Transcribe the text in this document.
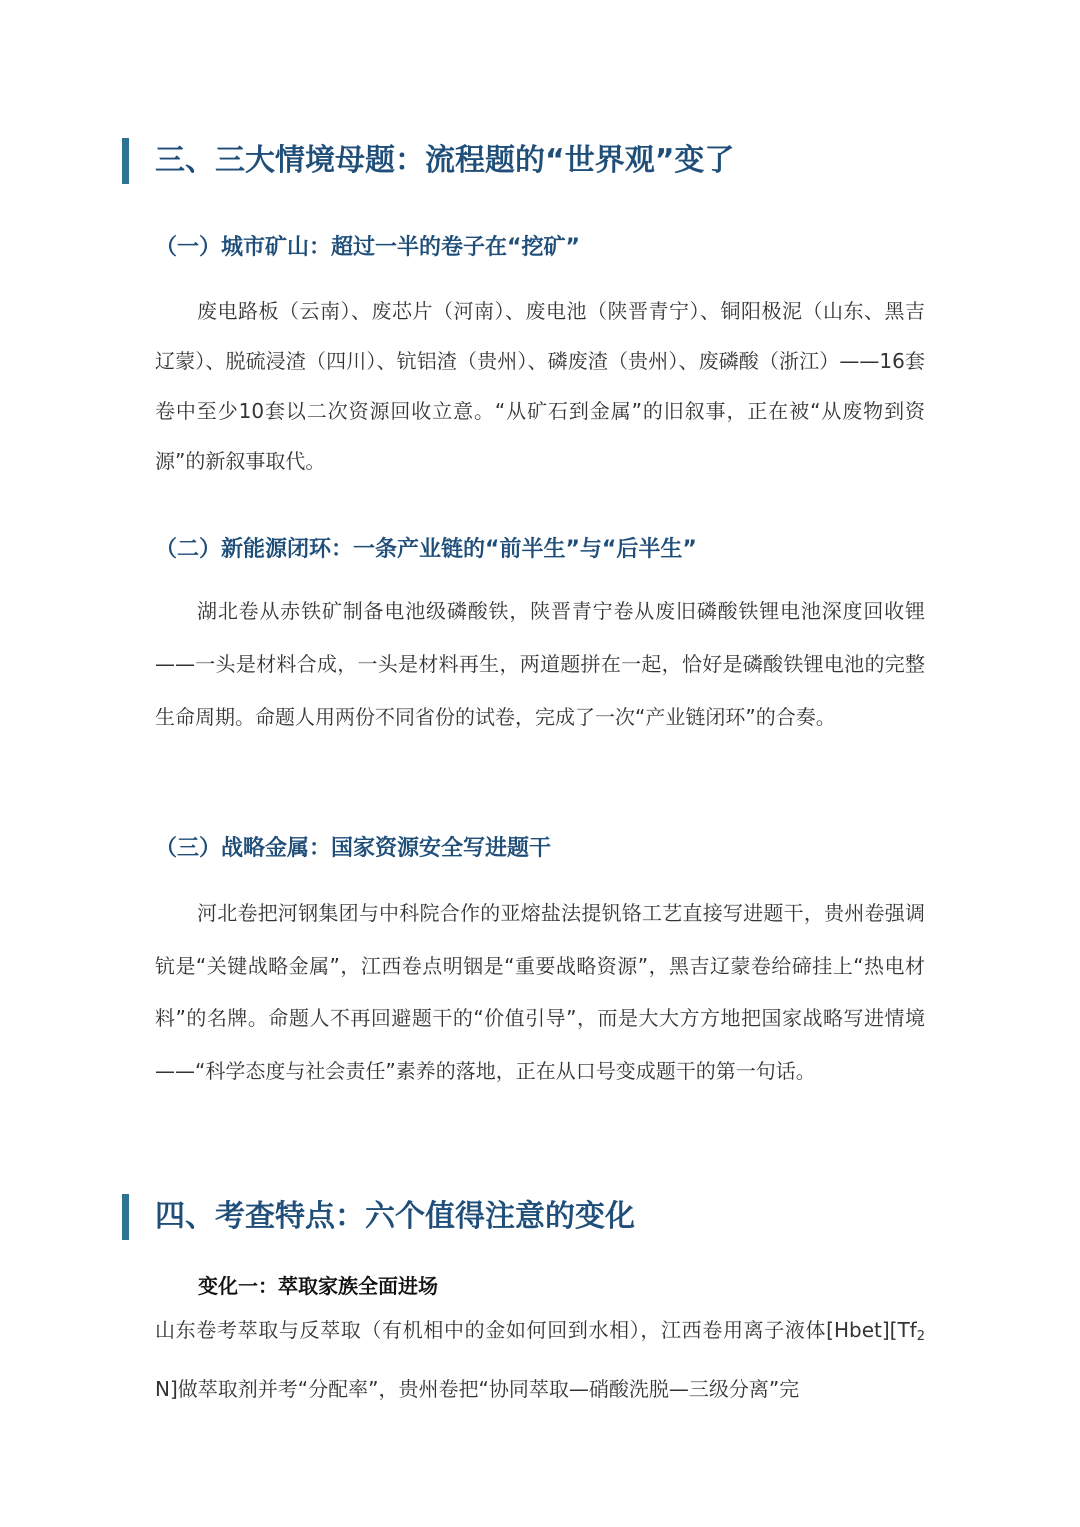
三、三大情境母题：流程题的“世界观”变了
（一）城市矿山：超过一半的卷子在“挖矿”

废电路板（云南）、废芯片（河南）、废电池（陕晋青宁）、铜阳极泥（山东、黑吉辽蒙）、脱硫浸渣（四川）、钪铝渣（贵州）、磷废渣（贵州）、废磷酸（浙江）——16套卷中至少10套以二次资源回收立意。“从矿石到金属”的旧叙事，正在被“从废物到资源”的新叙事取代。

（二）新能源闭环：一条产业链的“前半生”与“后半生”

湖北卷从赤铁矿制备电池级磷酸铁，陕晋青宁卷从废旧磷酸铁锂电池深度回收锂——一头是材料合成，一头是材料再生，两道题拼在一起，恰好是磷酸铁锂电池的完整生命周期。命题人用两份不同省份的试卷，完成了一次“产业链闭环”的合奏。

（三）战略金属：国家资源安全写进题干

河北卷把河钢集团与中科院合作的亚熔盐法提钒铬工艺直接写进题干，贵州卷强调钪是“关键战略金属”，江西卷点明铟是“重要战略资源”，黑吉辽蒙卷给碲挂上“热电材料”的名牌。命题人不再回避题干的“价值引导”，而是大大方方地把国家战略写进情境——“科学态度与社会责任”素养的落地，正在从口号变成题干的第一句话。

四、考查特点：六个值得注意的变化
变化一：萃取家族全面进场

山东卷考萃取与反萃取（有机相中的金如何回到水相），江西卷用离子液体$[Hbet][Tf_2N]$做萃取剂并考“分配率”，贵州卷把“协同萃取—硝酸洗脱—三级分离”完
